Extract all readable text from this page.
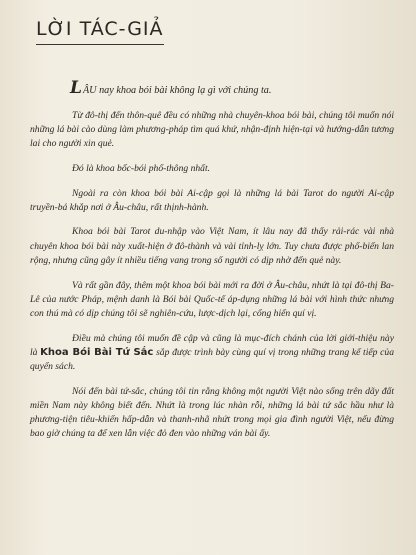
LỜI TÁC-GIẢ

LÂU nay khoa bói bài không lạ gì với chúng ta.

Từ đô-thị đến thôn-quê đều có những nhà chuyên-khoa bói bài, chúng tôi muốn nói những lá bài cào dùng làm phương-pháp tìm quá khứ, nhận-định hiện-tại và hướng-dẫn tương lai cho người xin quẻ.

Đó là khoa bốc-bói phổ-thông nhất.

Ngoài ra còn khoa bói bài Ai-cập gọi là những lá bài Tarot do người Ai-cập truyền-bá khắp nơi ở Âu-châu, rất thịnh-hành.

Khoa bói bài Tarot du-nhập vào Việt Nam, ít lâu nay đã thấy rải-rác vài nhà chuyên khoa bói bài này xuất-hiện ở đô-thành và vài tỉnh-lỵ lớn. Tuy chưa được phổ-biến lan rộng, nhưng cũng gây ít nhiều tiếng vang trong số người có dịp nhờ đến quẻ này.

Và rất gần đây, thêm một khoa bói bài mới ra đời ở Âu-châu, nhứt là tại đô-thị Ba-Lê của nước Pháp, mệnh danh là Bói bài Quốc-tế áp-dụng những lá bài với hình thức nhưng con thú mà có dịp chúng tôi sẽ nghiên-cứu, lược-dịch lại, cống hiến quí vị.

Điều mà chúng tôi muốn đề cập và cũng là mục-đích chánh của lời giới-thiệu này là Khoa Bói Bài Tứ Sắc sắp được trình bày cùng quí vị trong những trang kế tiếp của quyển sách.

Nói đến bài tứ-sắc, chúng tôi tin rằng không một người Việt nào sống trên dãy đất miền Nam này không biết đến. Nhứt là trong lúc nhàn rỗi, những lá bài tứ sắc hầu như là phương-tiện tiêu-khiển hấp-dẫn và thanh-nhã nhứt trong mọi gia đình người Việt, nếu đừng bao giờ chúng ta để xen lẫn việc đỏ đen vào những ván bài ấy.
